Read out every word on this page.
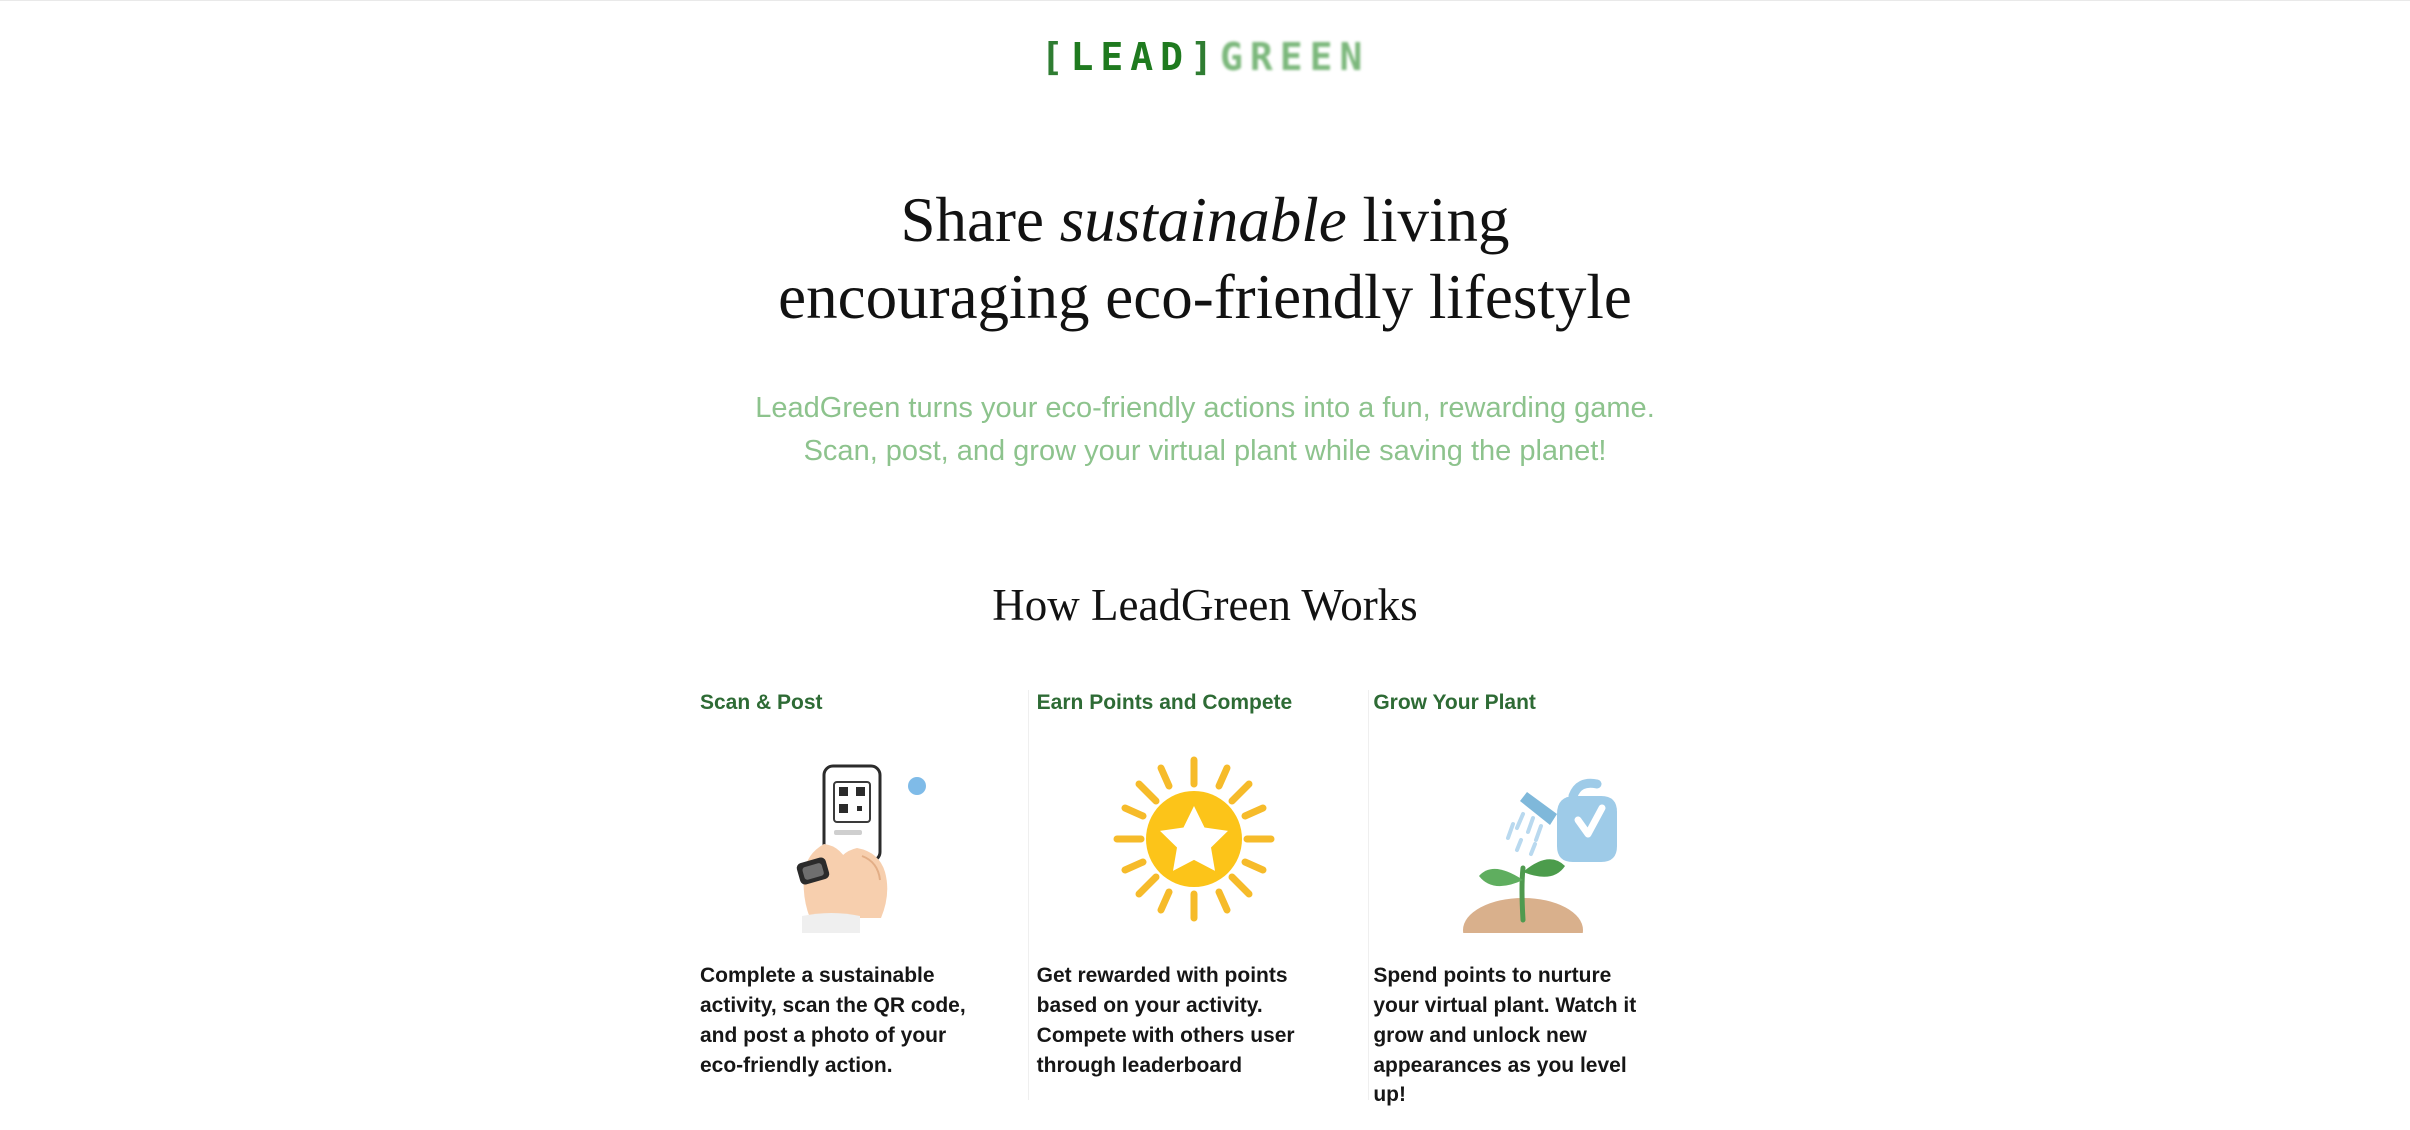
[LEAD]GREEN
Share sustainable living
encouraging eco-friendly lifestyle

LeadGreen turns your eco-friendly actions into a fun, rewarding game.
Scan, post, and grow your virtual plant while saving the planet!

How LeadGreen Works
Scan & Post
Complete a sustainable activity, scan the QR code, and post a photo of your eco-friendly action.
Earn Points and Compete
Get rewarded with points based on your activity. Compete with others user through leaderboard
Grow Your Plant
Spend points to nurture your virtual plant. Watch it grow and unlock new appearances as you level up!
